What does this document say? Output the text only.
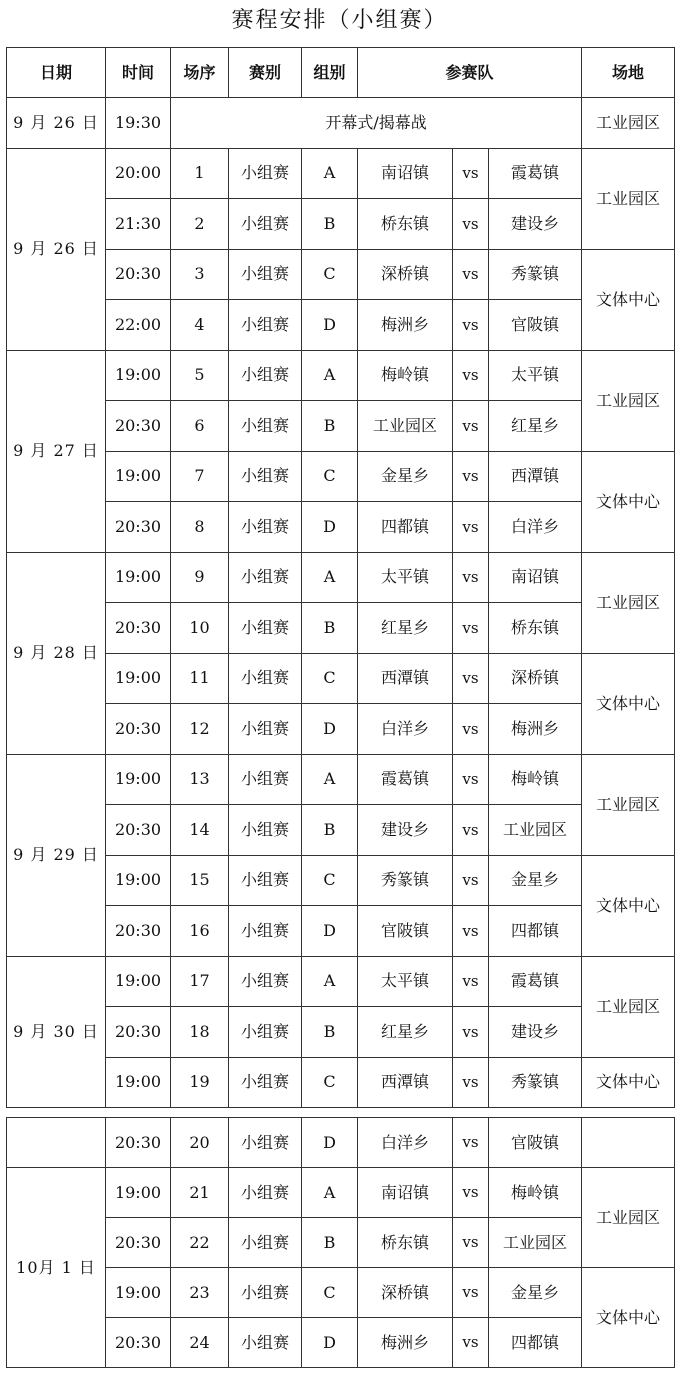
赛程安排（小组赛）
日期	时间	场序	赛别	组别	参赛队			场地
9 月 26 日	19:30	开幕式/揭幕战						工业园区
9 月 26 日	20:00	1	小组赛	A	南诏镇	vs	霞葛镇	工业园区
	21:30	2	小组赛	B	桥东镇	vs	建设乡	
	20:30	3	小组赛	C	深桥镇	vs	秀篆镇	文体中心
	22:00	4	小组赛	D	梅洲乡	vs	官陂镇	
9 月 27 日	19:00	5	小组赛	A	梅岭镇	vs	太平镇	工业园区
	20:30	6	小组赛	B	工业园区	vs	红星乡	
	19:00	7	小组赛	C	金星乡	vs	西潭镇	文体中心
	20:30	8	小组赛	D	四都镇	vs	白洋乡	
9 月 28 日	19:00	9	小组赛	A	太平镇	vs	南诏镇	工业园区
	20:30	10	小组赛	B	红星乡	vs	桥东镇	
	19:00	11	小组赛	C	西潭镇	vs	深桥镇	文体中心
	20:30	12	小组赛	D	白洋乡	vs	梅洲乡	
9 月 29 日	19:00	13	小组赛	A	霞葛镇	vs	梅岭镇	工业园区
	20:30	14	小组赛	B	建设乡	vs	工业园区	
	19:00	15	小组赛	C	秀篆镇	vs	金星乡	文体中心
	20:30	16	小组赛	D	官陂镇	vs	四都镇	
9 月 30 日	19:00	17	小组赛	A	太平镇	vs	霞葛镇	工业园区
	20:30	18	小组赛	B	红星乡	vs	建设乡	
	19:00	19	小组赛	C	西潭镇	vs	秀篆镇	文体中心
	20:30	20	小组赛	D	白洋乡	vs	官陂镇	
10月 1 日	19:00	21	小组赛	A	南诏镇	vs	梅岭镇	工业园区
	20:30	22	小组赛	B	桥东镇	vs	工业园区	
	19:00	23	小组赛	C	深桥镇	vs	金星乡	文体中心
	20:30	24	小组赛	D	梅洲乡	vs	四都镇	
